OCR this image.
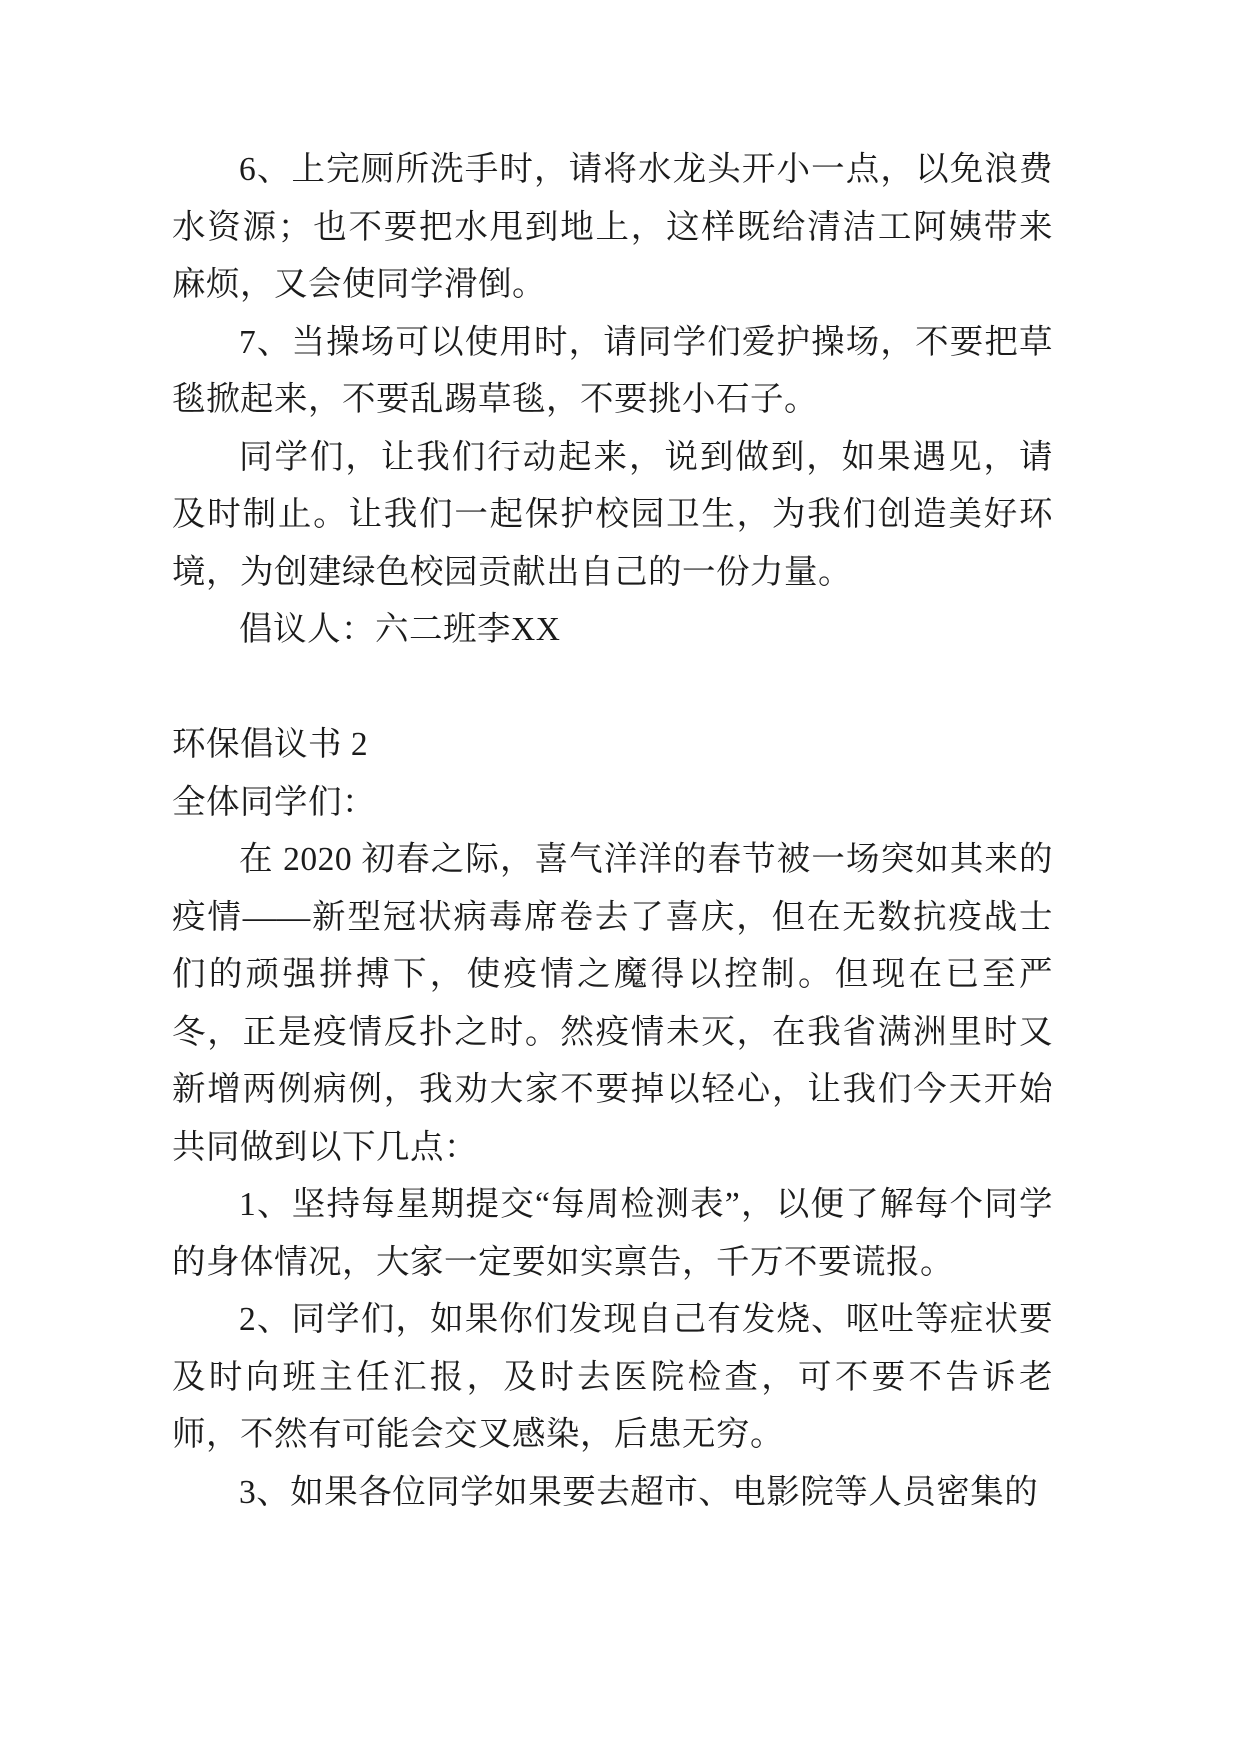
6、上完厕所洗手时，请将水龙头开小一点，以免浪费水资源；也不要把水甩到地上，这样既给清洁工阿姨带来麻烦，又会使同学滑倒。

7、当操场可以使用时，请同学们爱护操场，不要把草毯掀起来，不要乱踢草毯，不要挑小石子。

同学们，让我们行动起来，说到做到，如果遇见，请及时制止。让我们一起保护校园卫生，为我们创造美好环境，为创建绿色校园贡献出自己的一份力量。

倡议人：六二班李XX

环保倡议书 2

全体同学们：

在 2020 初春之际，喜气洋洋的春节被一场突如其来的疫情——新型冠状病毒席卷去了喜庆，但在无数抗疫战士们的顽强拼搏下，使疫情之魔得以控制。但现在已至严冬，正是疫情反扑之时。然疫情未灭，在我省满洲里时又新增两例病例，我劝大家不要掉以轻心，让我们今天开始共同做到以下几点：

1、坚持每星期提交“每周检测表”，以便了解每个同学的身体情况，大家一定要如实禀告，千万不要谎报。

2、同学们，如果你们发现自己有发烧、呕吐等症状要及时向班主任汇报，及时去医院检查，可不要不告诉老师，不然有可能会交叉感染，后患无穷。

3、如果各位同学如果要去超市、电影院等人员密集的
